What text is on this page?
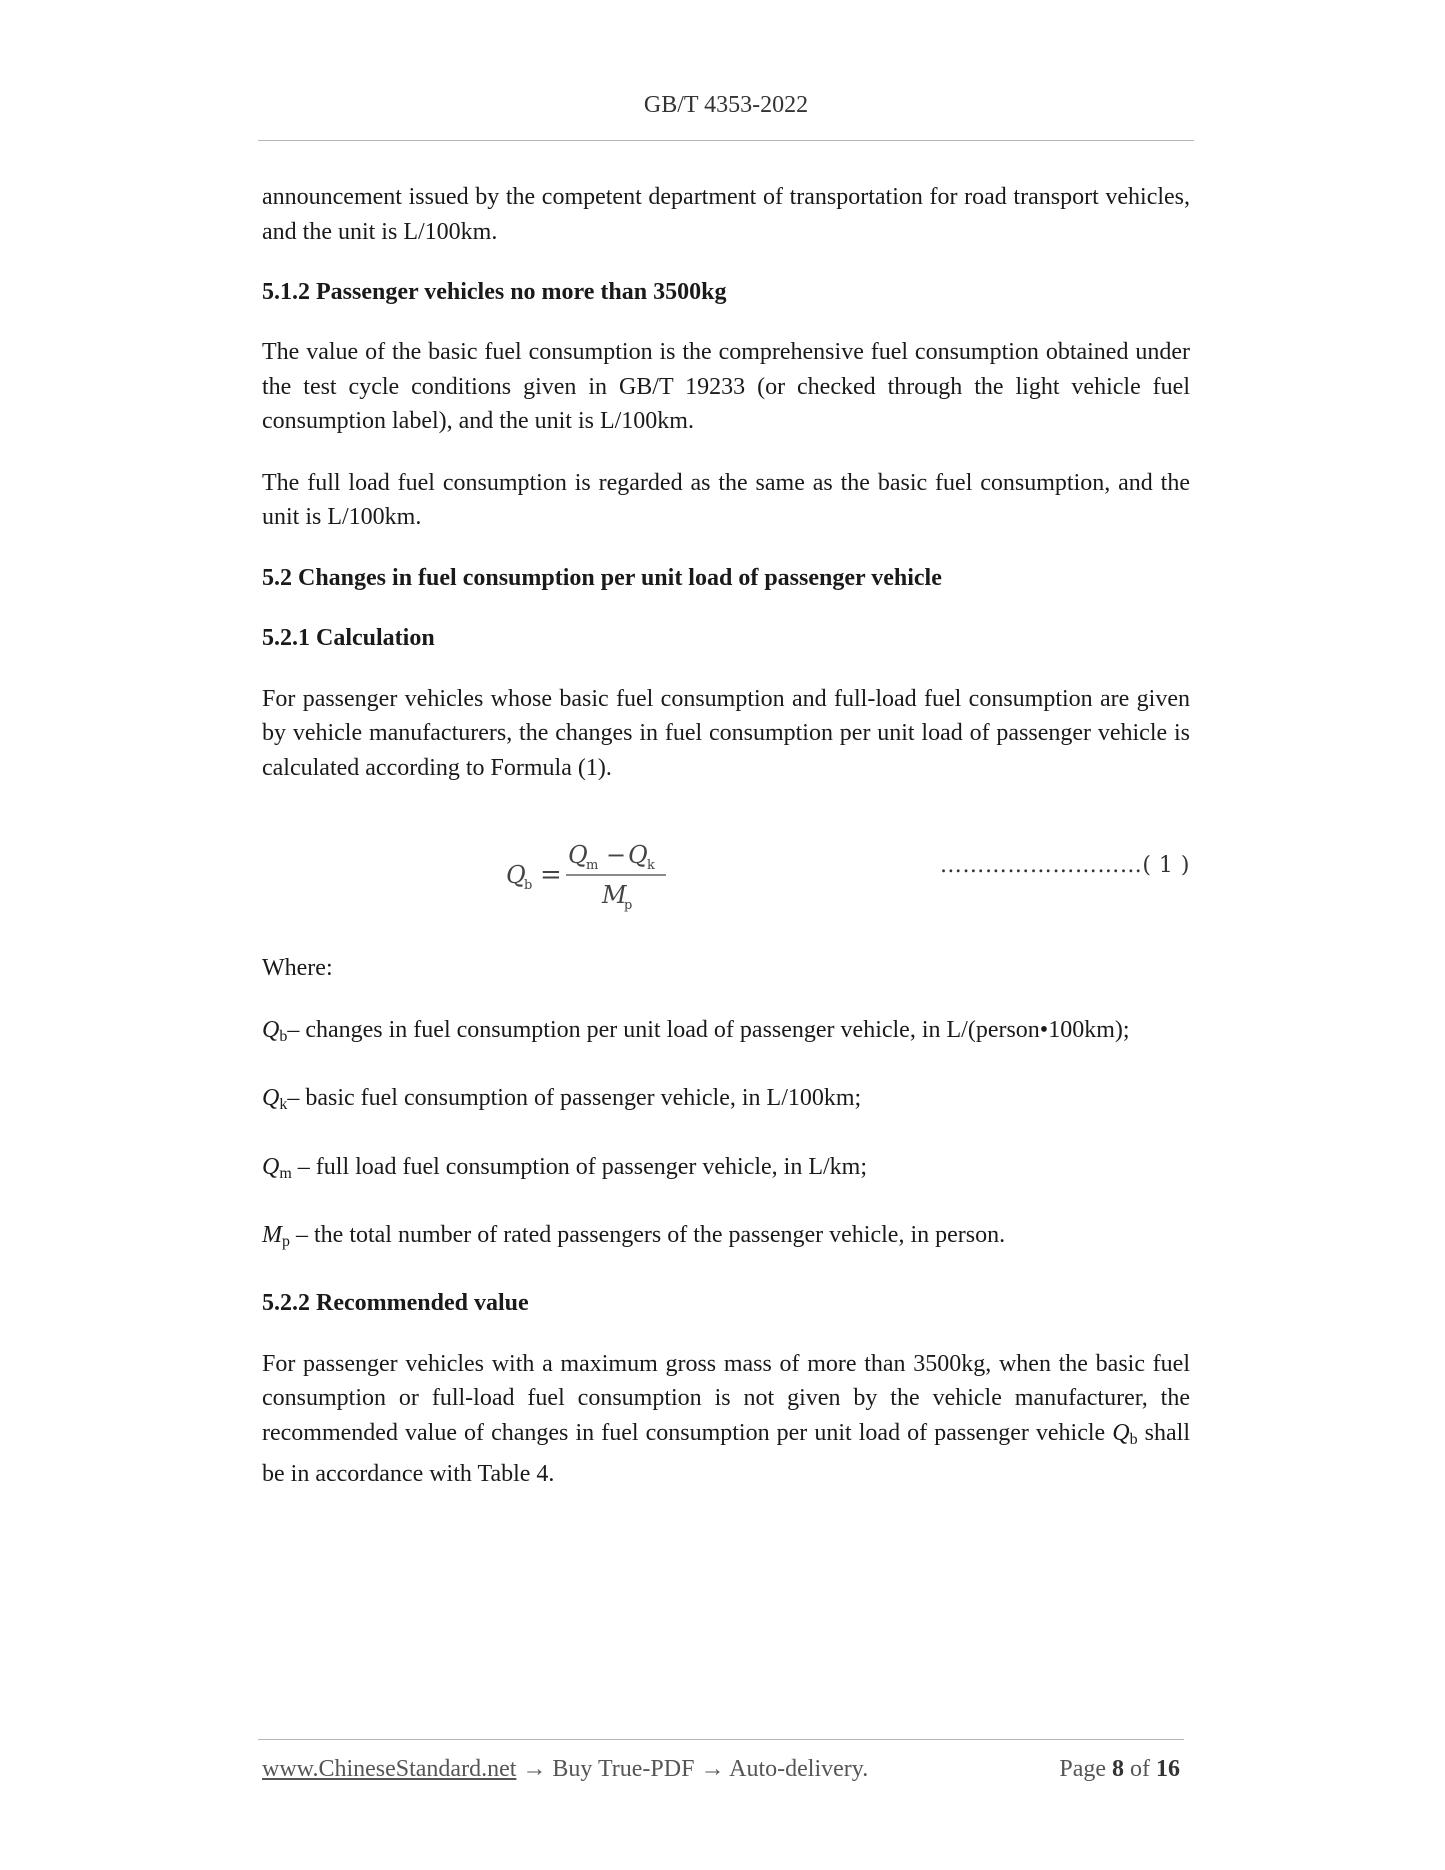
GB/T 4353-2022

announcement issued by the competent department of transportation for road transport vehicles, and the unit is L/100km.

5.1.2 Passenger vehicles no more than 3500kg

The value of the basic fuel consumption is the comprehensive fuel consumption obtained under the test cycle conditions given in GB/T 19233 (or checked through the light vehicle fuel consumption label), and the unit is L/100km.

The full load fuel consumption is regarded as the same as the basic fuel consumption, and the unit is L/100km.

5.2 Changes in fuel consumption per unit load of passenger vehicle

5.2.1 Calculation

For passenger vehicles whose basic fuel consumption and full-load fuel consumption are given by vehicle manufacturers, the changes in fuel consumption per unit load of passenger vehicle is calculated according to Formula (1).

Q
b =
Q
m − Q k
M
p
………………………( 1 )

Where:

$Q_b-$ changes in fuel consumption per unit load of passenger vehicle, in L/(person•100km);

$Q_k-$ basic fuel consumption of passenger vehicle, in L/100km;

$Q_m$ – full load fuel consumption of passenger vehicle, in L/km;

$M_p$ – the total number of rated passengers of the passenger vehicle, in person.

5.2.2 Recommended value

For passenger vehicles with a maximum gross mass of more than 3500kg, when the basic fuel consumption or full-load fuel consumption is not given by the vehicle manufacturer, the recommended value of changes in fuel consumption per unit load of passenger vehicle $Q_b$ shall be in accordance with Table 4.

www.ChineseStandard.net → Buy True-PDF → Auto-delivery.	Page 8 of 16
